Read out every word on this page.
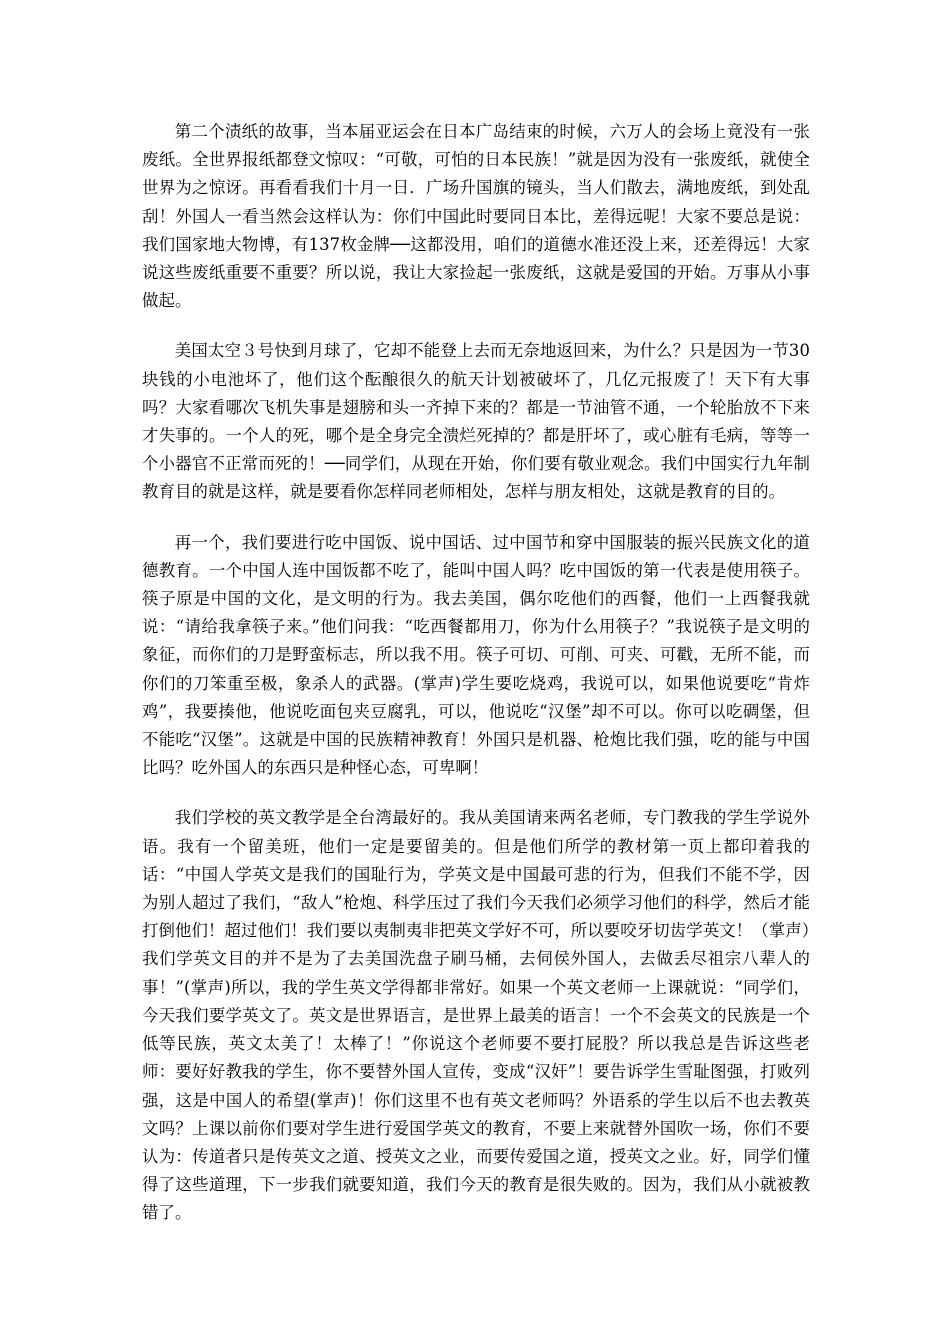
第二个渍纸的故事，当本届亚运会在日本广岛结束的时候，六万人的会场上竟没有一张废纸。全世界报纸都登文惊叹：“可敬，可怕的日本民族！”就是因为没有一张废纸，就使全世界为之惊讶。再看看我们十月一日．广场升国旗的镜头，当人们散去，满地废纸，到处乱刮！外国人一看当然会这样认为：你们中国此时要同日本比，差得远呢！大家不要总是说：我们国家地大物博，有137枚金牌──这都没用，咱们的道德水准还没上来，还差得远！大家说这些废纸重要不重要？所以说，我让大家捡起一张废纸，这就是爱国的开始。万事从小事做起。

美国太空３号快到月球了，它却不能登上去而无奈地返回来，为什么？只是因为一节30块钱的小电池坏了，他们这个酝酿很久的航天计划被破坏了，几亿元报废了！天下有大事吗？大家看哪次飞机失事是翅膀和头一齐掉下来的？都是一节油管不通，一个轮胎放不下来才失事的。一个人的死，哪个是全身完全溃烂死掉的？都是肝坏了，或心脏有毛病，等等一个小器官不正常而死的！──同学们，从现在开始，你们要有敬业观念。我们中国实行九年制教育目的就是这样，就是要看你怎样同老师相处，怎样与朋友相处，这就是教育的目的。

再一个，我们要进行吃中国饭、说中国话、过中国节和穿中国服装的振兴民族文化的道德教育。一个中国人连中国饭都不吃了，能叫中国人吗？吃中国饭的第一代表是使用筷子。筷子原是中国的文化，是文明的行为。我去美国，偶尔吃他们的西餐，他们一上西餐我就说：“请给我拿筷子来。”他们问我：“吃西餐都用刀，你为什么用筷子？”我说筷子是文明的象征，而你们的刀是野蛮标志，所以我不用。筷子可切、可削、可夹、可戳，无所不能，而你们的刀笨重至极，象杀人的武器。(掌声)学生要吃烧鸡，我说可以，如果他说要吃“肯炸鸡”，我要揍他，他说吃面包夹豆腐乳，可以，他说吃“汉堡”却不可以。你可以吃碉堡，但不能吃“汉堡”。这就是中国的民族精神教育！外国只是机器、枪炮比我们强，吃的能与中国比吗？吃外国人的东西只是种怪心态，可卑啊！

我们学校的英文教学是全台湾最好的。我从美国请来两名老师，专门教我的学生学说外语。我有一个留美班，他们一定是要留美的。但是他们所学的教材第一页上都印着我的话：“中国人学英文是我们的国耻行为，学英文是中国最可悲的行为，但我们不能不学，因为别人超过了我们，“敌人”枪炮、科学压过了我们今天我们必须学习他们的科学，然后才能打倒他们！超过他们！我们要以夷制夷非把英文学好不可，所以要咬牙切齿学英文！（掌声）我们学英文目的并不是为了去美国洗盘子刷马桶，去伺侯外国人，去做丢尽祖宗八辈人的事！”(掌声)所以，我的学生英文学得都非常好。如果一个英文老师一上课就说：“同学们，今天我们要学英文了。英文是世界语言，是世界上最美的语言！一个不会英文的民族是一个低等民族，英文太美了！太棒了！”你说这个老师要不要打屁股？所以我总是告诉这些老师：要好好教我的学生，你不要替外国人宣传，变成“汉奸”！要告诉学生雪耻图强，打败列强，这是中国人的希望(掌声)！你们这里不也有英文老师吗？外语系的学生以后不也去教英文吗？上课以前你们要对学生进行爱国学英文的教育，不要上来就替外国吹一场，你们不要认为：传道者只是传英文之道、授英文之业，而要传爱国之道，授英文之业。好，同学们懂得了这些道理，下一步我们就要知道，我们今天的教育是很失败的。因为，我们从小就被教错了。
